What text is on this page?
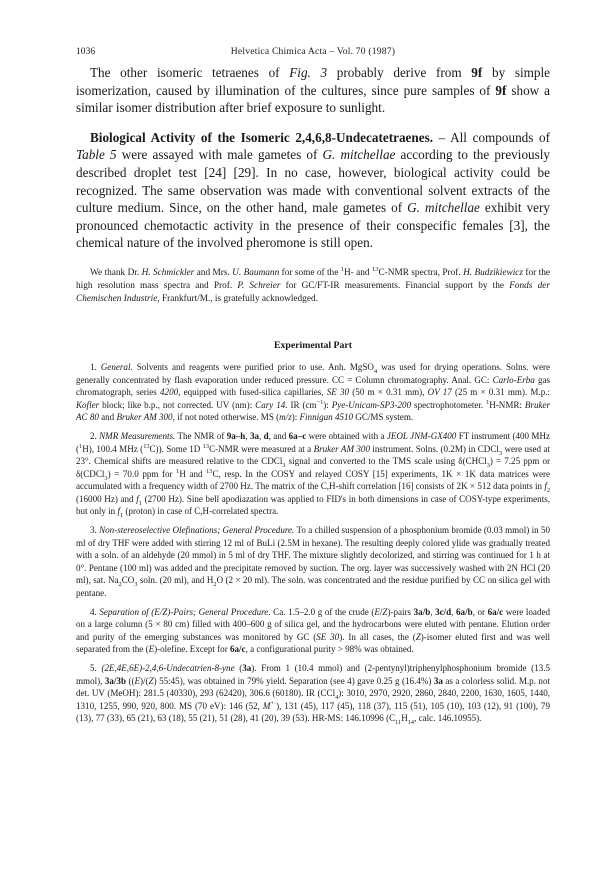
1036	Helvetica Chimica Acta – Vol. 70 (1987)

The other isomeric tetraenes of Fig. 3 probably derive from 9f by simple isomerization, caused by illumination of the cultures, since pure samples of 9f show a similar isomer distribution after brief exposure to sunlight.

Biological Activity of the Isomeric 2,4,6,8-Undecatetraenes. – All compounds of Table 5 were assayed with male gametes of G. mitchellae according to the previously described droplet test [24] [29]. In no case, however, biological activity could be recognized. The same observation was made with conventional solvent extracts of the culture medium. Since, on the other hand, male gametes of G. mitchellae exhibit very pronounced chemotactic activity in the presence of their conspecific females [3], the chemical nature of the involved pheromone is still open.

We thank Dr. H. Schmickler and Mrs. U. Baumann for some of the $^1$H- and $^{13}$C-NMR spectra, Prof. H. Budzikiewicz for the high resolution mass spectra and Prof. P. Schreier for GC/FT-IR measurements. Financial support by the Fonds der Chemischen Industrie, Frankfurt/M., is gratefully acknowledged.

Experimental Part

1. General. Solvents and reagents were purified prior to use. Anh. MgSO$_4$ was used for drying operations. Solns. were generally concentrated by flash evaporation under reduced pressure. CC = Column chromatography. Anal. GC: Carlo-Erba gas chromatograph, series 4200, equipped with fused-silica capillaries, SE 30 (50 m × 0.31 mm), OV 17 (25 m × 0.31 mm). M.p.: Kofler block; like b.p., not corrected. UV (nm): Cary 14. IR $(cm^{-1})$: Pye-Unicam-SP3-200 spectrophotometer. $^1$H-NMR: Bruker AC 80 and Bruker AM 300, if not noted otherwise. MS (m/z): Finnigan 4510 GC/MS system.

2. NMR Measurements. The NMR of 9a–h, 3a, d, and 6a–c were obtained with a JEOL JNM-GX400 FT instrument (400 MHz ($^1$H), 100.4 MHz ($^{13}$C)). Some 1D $^{13}$C-NMR were measured at a Bruker AM 300 instrument. Solns. (0.2M) in CDCl$_3$ were used at 23°. Chemical shifts are measured relative to the CDCl$_3$ signal and converted to the TMS scale using δ(CHCl$_3$) = 7.25 ppm or δ(CDCl$_3$) = 70.0 ppm for $^1$H and $^{13}$C, resp. In the COSY and relayed COSY [15] experiments, 1K × 1K data matrices were accumulated with a frequency width of 2700 Hz. The matrix of the C,H-shift correlation [16] consists of 2K × 512 data points in $f_2$ (16000 Hz) and $f_1$ (2700 Hz). Sine bell apodiazation was applied to FID's in both dimensions in case of COSY-type experiments, but only in $f_1$ (proton) in case of C,H-correlated spectra.

3. Non-stereoselective Olefinations; General Procedure. To a chilled suspension of a phosphonium bromide (0.03 mmol) in 50 ml of dry THF were added with stirring 12 ml of BuLi (2.5M in hexane). The resulting deeply colored ylide was gradually treated with a soln. of an aldehyde (20 mmol) in 5 ml of dry THF. The mixture slightly decolorized, and stirring was continued for 1 h at 0°. Pentane (100 ml) was added and the precipitate removed by suction. The org. layer was successively washed with 2N HCl (20 ml), sat. $Na_2CO_3$ soln. (20 ml), and $H_2O$ (2 × 20 ml). The soln. was concentrated and the residue purified by CC on silica gel with pentane.

4. Separation of (E/Z)-Pairs; General Procedure. Ca. 1.5–2.0 g of the crude (E/Z)-pairs 3a/b, 3c/d, 6a/b, or 6a/c were loaded on a large column (5 × 80 cm) filled with 400–600 g of silica gel, and the hydrocarbons were eluted with pentane. Elution order and purity of the emerging substances was monitored by GC (SE 30). In all cases, the (Z)-isomer eluted first and was well separated from the (E)-olefine. Except for 6a/c, a configurational purity > 98% was obtained.

5. (2E,4E,6E)-2,4,6-Undecatrien-8-yne (3a). From 1 (10.4 mmol) and (2-pentynyl)triphenylphosphonium bromide (13.5 mmol), 3a/3b ((E)/(Z) 55:45), was obtained in 79% yield. Separation (see 4) gave 0.25 g (16.4%) 3a as a colorless solid. M.p. not det. UV (MeOH): 281.5 (40330), 293 (62420), 306.6 (60180). IR (CCl$_4$): 3010, 2970, 2920, 2860, 2840, 2200, 1630, 1605, 1440, 1310, 1255, 990, 920, 800. MS (70 eV): 146 (52, M+·), 131 (45), 117 (45), 118 (37), 115 (51), 105 (10), 103 (12), 91 (100), 79 (13), 77 (33), 65 (21), 63 (18), 55 (21), 51 (28), 41 (20), 39 (53). HR-MS: 146.10996 ($C_{11}H_{14}$, calc. 146.10955).
